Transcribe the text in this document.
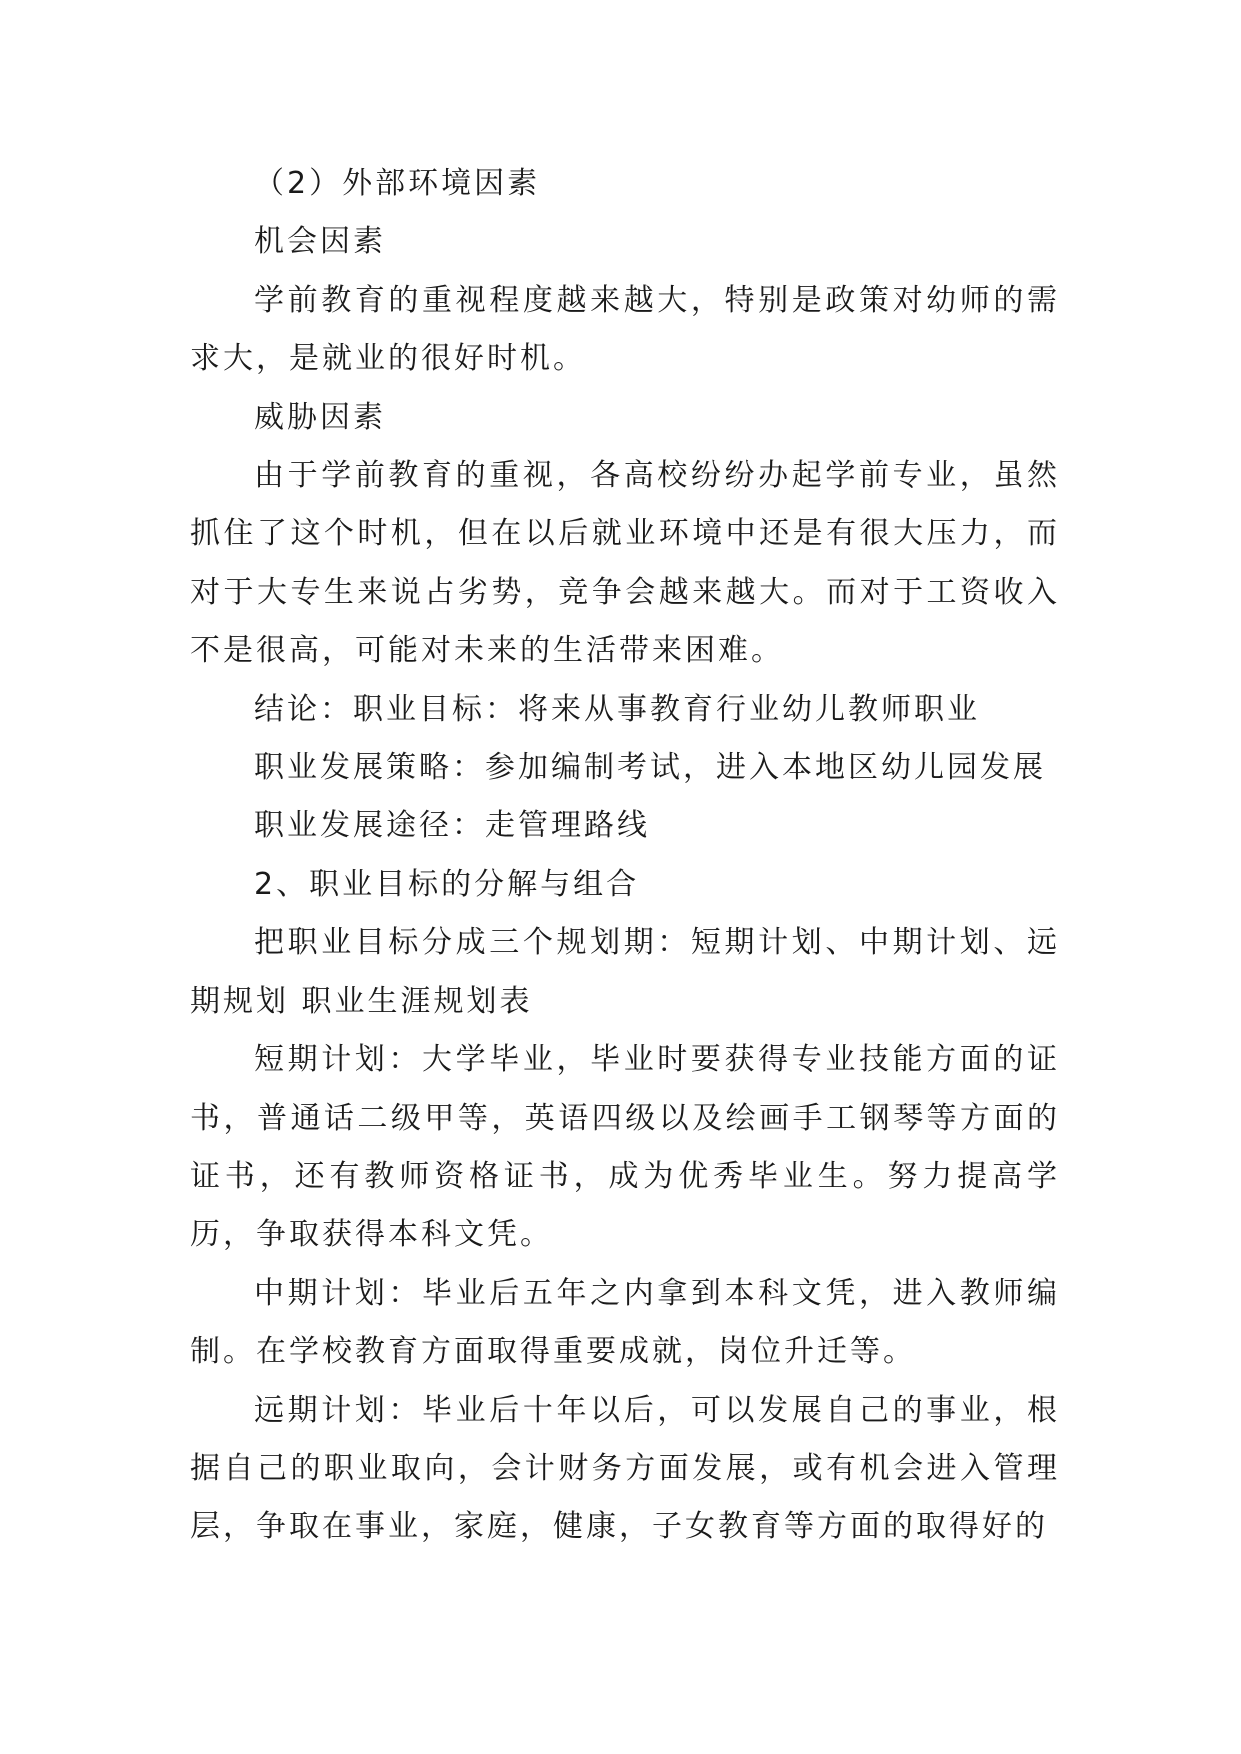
（2）外部环境因素

机会因素

学前教育的重视程度越来越大，特别是政策对幼师的需求大，是就业的很好时机。

威胁因素

由于学前教育的重视，各高校纷纷办起学前专业，虽然抓住了这个时机，但在以后就业环境中还是有很大压力，而对于大专生来说占劣势，竞争会越来越大。而对于工资收入不是很高，可能对未来的生活带来困难。

结论：职业目标：将来从事教育行业幼儿教师职业

职业发展策略：参加编制考试，进入本地区幼儿园发展

职业发展途径：走管理路线

2、职业目标的分解与组合

把职业目标分成三个规划期：短期计划、中期计划、远期规划 职业生涯规划表

短期计划：大学毕业，毕业时要获得专业技能方面的证书，普通话二级甲等，英语四级以及绘画手工钢琴等方面的证书，还有教师资格证书，成为优秀毕业生。努力提高学历，争取获得本科文凭。

中期计划：毕业后五年之内拿到本科文凭，进入教师编制。在学校教育方面取得重要成就，岗位升迁等。

远期计划：毕业后十年以后，可以发展自己的事业，根据自己的职业取向，会计财务方面发展，或有机会进入管理层，争取在事业，家庭，健康，子女教育等方面的取得好的
